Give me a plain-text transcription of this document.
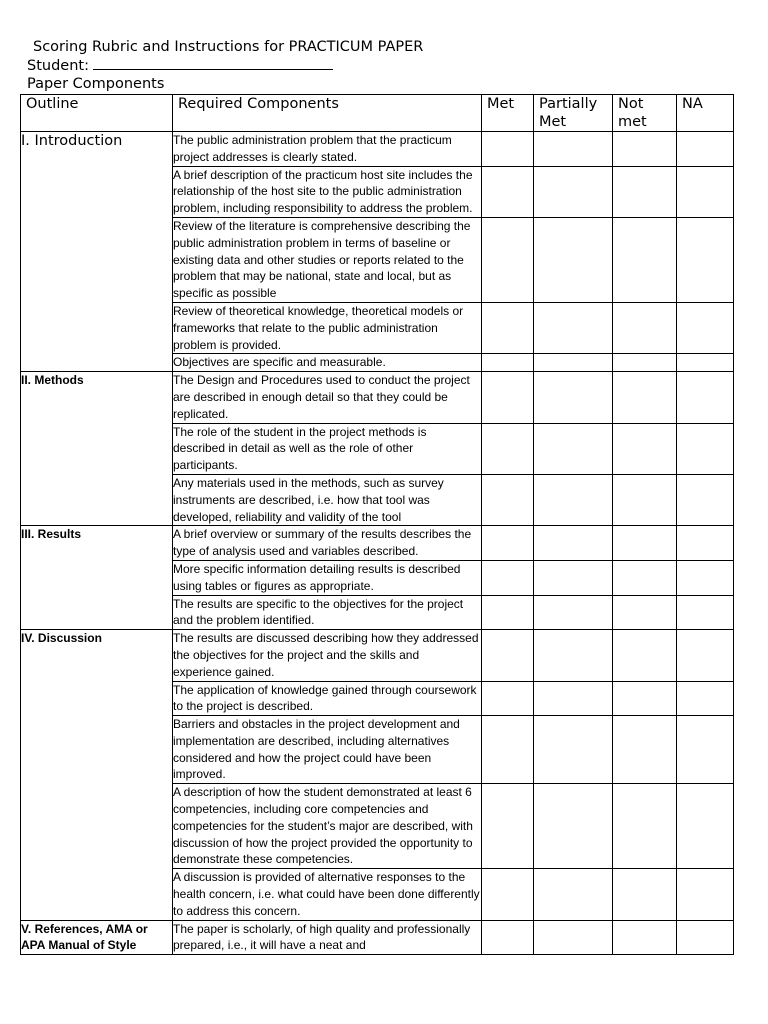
Scoring Rubric and Instructions for PRACTICUM PAPER
Student:
Paper Components
Outline	Required Components	Met	Partially Met	Not met	NA
I. Introduction	The public administration problem that the practicum project addresses is clearly stated.				
	A brief description of the practicum host site includes the relationship of the host site to the public administration problem, including responsibility to address the problem.				
	Review of the literature is comprehensive describing the public administration problem in terms of baseline or existing data and other studies or reports related to the problem that may be national, state and local, but as specific as possible				
	Review of theoretical knowledge, theoretical models or frameworks that relate to the public administration problem is provided.				
	Objectives are specific and measurable.				
II. Methods	The Design and Procedures used to conduct the project are described in enough detail so that they could be replicated.				
	The role of the student in the project methods is described in detail as well as the role of other participants.				
	Any materials used in the methods, such as survey instruments are described, i.e. how that tool was developed, reliability and validity of the tool				
III. Results	A brief overview or summary of the results describes the type of analysis used and variables described.				
	More specific information detailing results is described using tables or figures as appropriate.				
	The results are specific to the objectives for the project and the problem identified.				
IV. Discussion	The results are discussed describing how they addressed the objectives for the project and the skills and experience gained.				
	The application of knowledge gained through coursework to the project is described.				
	Barriers and obstacles in the project development and implementation are described, including alternatives considered and how the project could have been improved.				
	A description of how the student demonstrated at least 6 competencies, including core competencies and competencies for the student’s major are described, with discussion of how the project provided the opportunity to demonstrate these competencies.				
	A discussion is provided of alternative responses to the health concern, i.e. what could have been done differently to address this concern.				
V. References, AMA or APA Manual of Style	The paper is scholarly, of high quality and professionally prepared, i.e., it will have a neat and				
